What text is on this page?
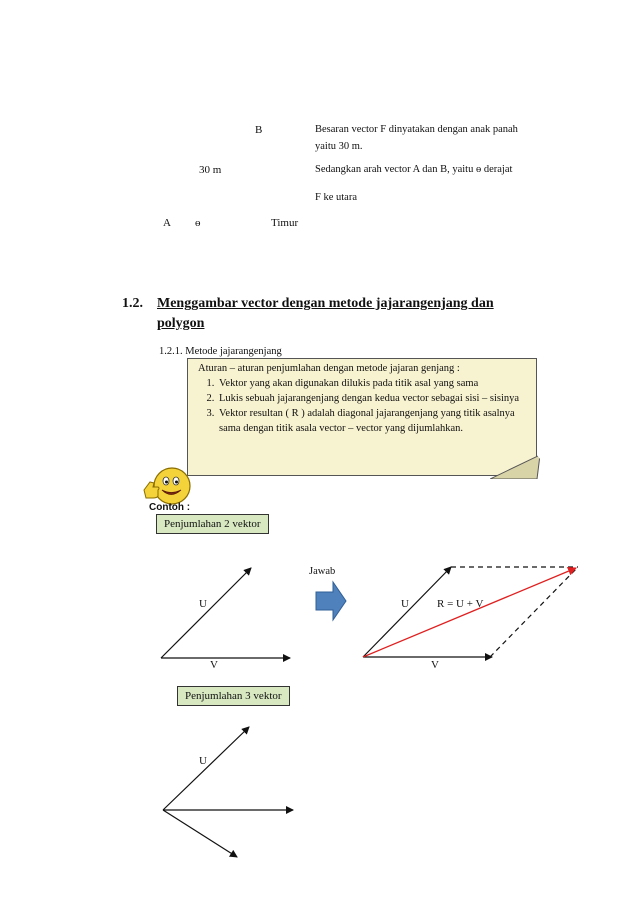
B	Besaran vector F dinyatakan dengan anak panah
yaitu 30 m.
30 m	Sedangkan arah vector A dan B, yaitu ɵ derajat
F ke utara
A ɵ	Timur
1.2. Menggambar vector dengan metode jajarangenjang dan
polygon
1.2.1. Metode jajarangenjang
Aturan – aturan penjumlahan dengan metode jajaran genjang :
1. Vektor yang akan digunakan dilukis pada titik asal yang sama
2. Lukis sebuah jajarangenjang dengan kedua vector sebagai sisi – sisinya
3. Vektor resultan ( R ) adalah diagonal jajarangenjang yang titik asalnya sama dengan titik asala vector – vector yang dijumlahkan.
Contoh :
Penjumlahan 2 vektor
Penjumlahan 3 vektor
U
V
Jawab
U
V
R = U + V
U
